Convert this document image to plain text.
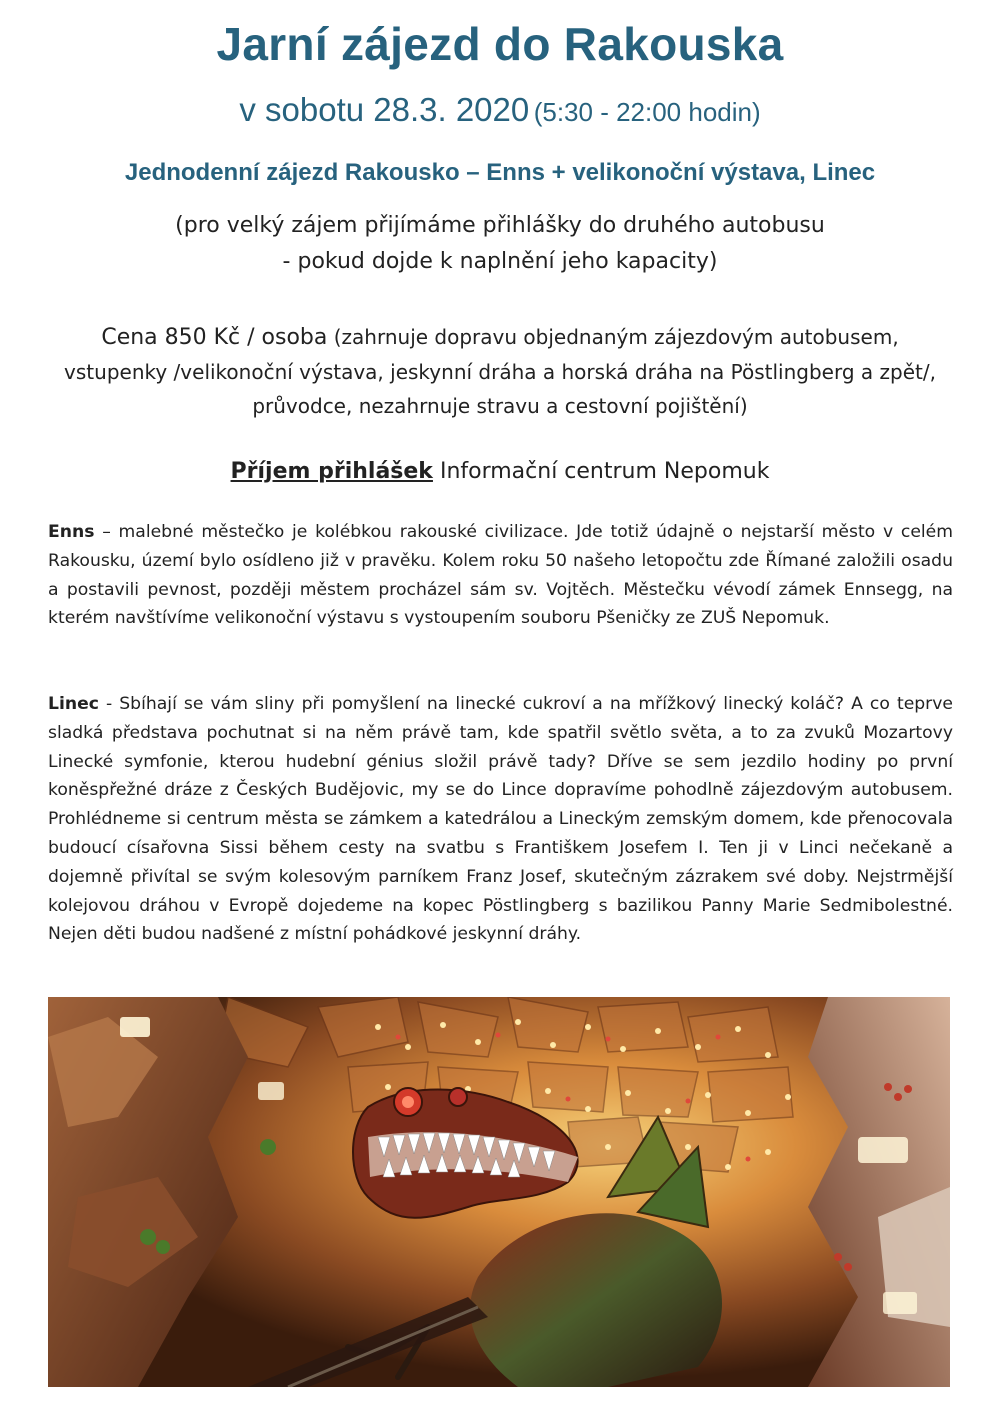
Jarní zájezd do Rakouska
v sobotu 28.3. 2020 (5:30 - 22:00 hodin)
Jednodenní zájezd Rakousko – Enns + velikonoční výstava, Linec
(pro velký zájem přijímáme přihlášky do druhého autobusu
- pokud dojde k naplnění jeho kapacity)
Cena 850 Kč / osoba (zahrnuje dopravu objednaným zájezdovým autobusem, vstupenky /velikonoční výstava, jeskynní dráha a horská dráha na Pöstlingberg a zpět/, průvodce, nezahrnuje stravu a cestovní pojištění)
Příjem přihlášek Informační centrum Nepomuk
Enns – malebné městečko je kolébkou rakouské civilizace. Jde totiž údajně o nejstarší město v celém Rakousku, území bylo osídleno již v pravěku. Kolem roku 50 našeho letopočtu zde Římané založili osadu a postavili pevnost, později městem procházel sám sv. Vojtěch. Městečku vévodí zámek Ennsegg, na kterém navštívíme velikonoční výstavu s vystoupením souboru Pšeničky ze ZUŠ Nepomuk.
Linec - Sbíhají se vám sliny při pomyšlení na linecké cukroví a na mřížkový linecký koláč? A co teprve sladká představa pochutnat si na něm právě tam, kde spatřil světlo světa, a to za zvuků Mozartovy Linecké symfonie, kterou hudební génius složil právě tady? Dříve se sem jezdilo hodiny po první koněspřežné dráze z Českých Budějovic, my se do Lince dopravíme pohodlně zájezdovým autobusem. Prohlédneme si centrum města se zámkem a katedrálou a Lineckým zemským domem, kde přenocovala budoucí císařovna Sissi během cesty na svatbu s Františkem Josefem I. Ten ji v Linci nečekaně a dojemně přivítal se svým kolesovým parníkem Franz Josef, skutečným zázrakem své doby. Nejstrmější kolejovou dráhou v Evropě dojedeme na kopec Pöstlingberg s bazilikou Panny Marie Sedmibolestné. Nejen děti budou nadšené z místní pohádkové jeskynní dráhy.
